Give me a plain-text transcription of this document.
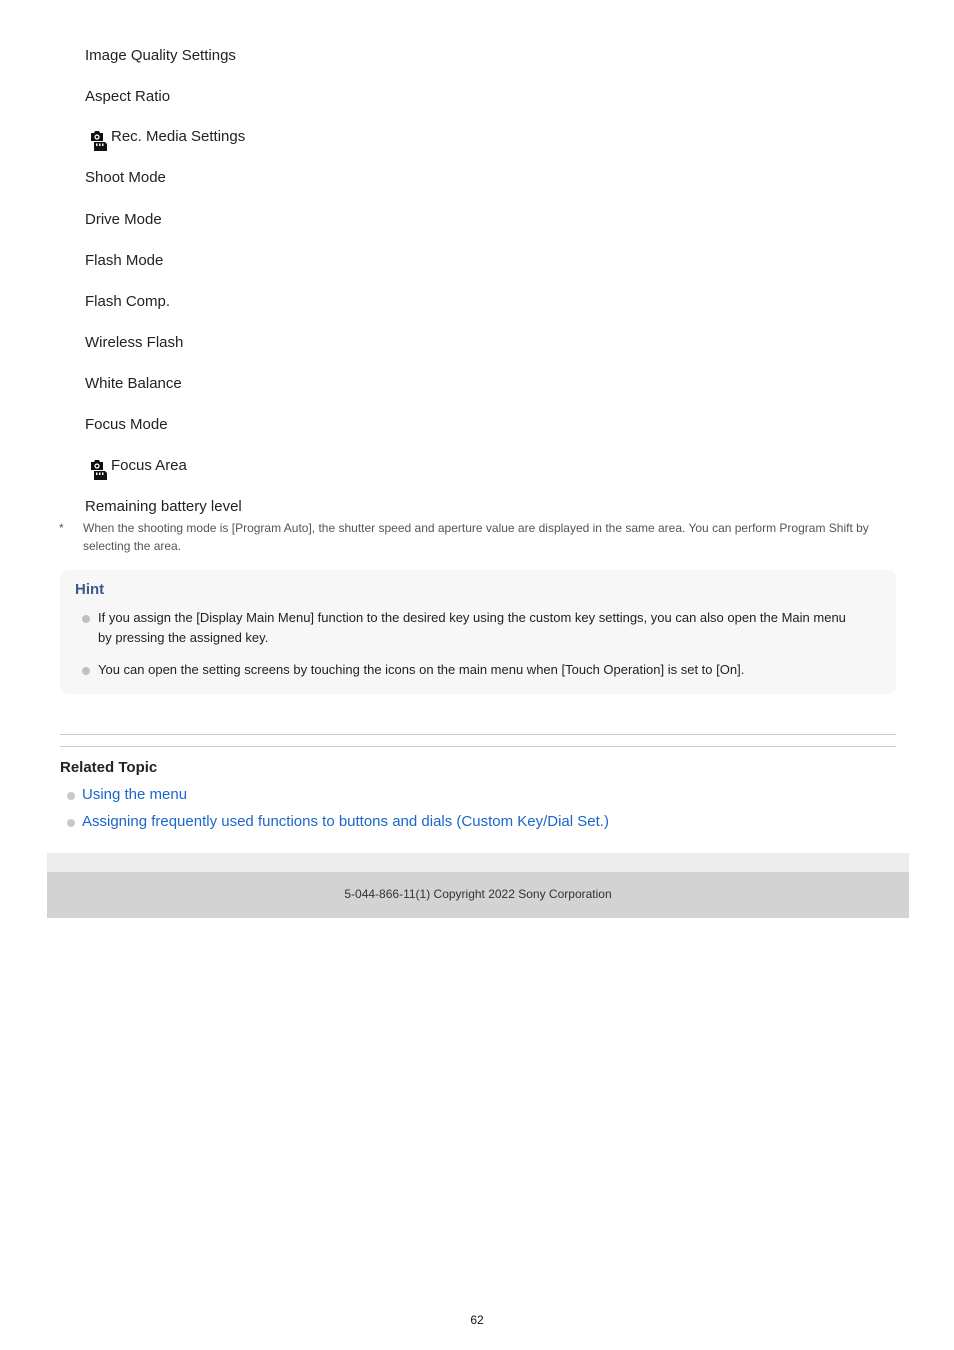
Image Quality Settings
Aspect Ratio
Rec. Media Settings
Shoot Mode
Drive Mode
Flash Mode
Flash Comp.
Wireless Flash
White Balance
Focus Mode
Focus Area
Remaining battery level
* When the shooting mode is [Program Auto], the shutter speed and aperture value are displayed in the same area. You can perform Program Shift by selecting the area.
Hint
If you assign the [Display Main Menu] function to the desired key using the custom key settings, you can also open the Main menu by pressing the assigned key.
You can open the setting screens by touching the icons on the main menu when [Touch Operation] is set to [On].
Related Topic
Using the menu
Assigning frequently used functions to buttons and dials (Custom Key/Dial Set.)
5-044-866-11(1) Copyright 2022 Sony Corporation
62
